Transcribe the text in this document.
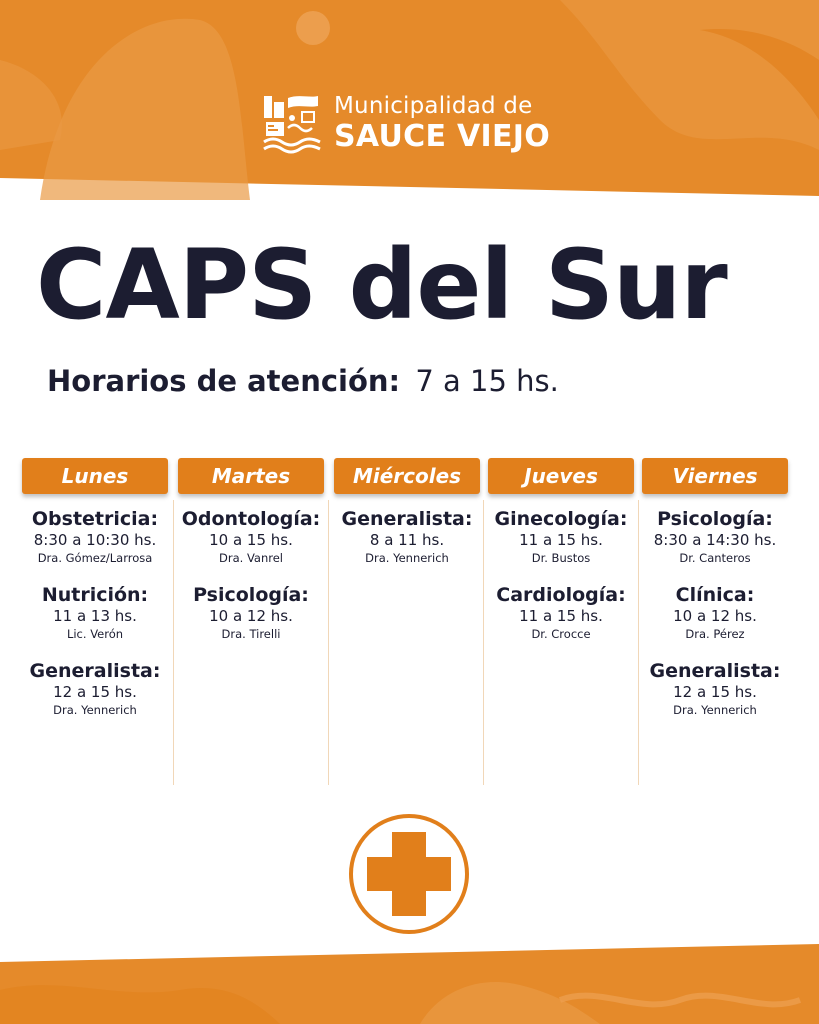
Municipalidad de
SAUCE VIEJO
CAPS del Sur
Horarios de atención: 7 a 15 hs.
Lunes
Obstetricia:
8:30 a 10:30 hs.
Dra. Gómez/Larrosa
Nutrición:
11 a 13 hs.
Lic. Verón
Generalista:
12 a 15 hs.
Dra. Yennerich
Martes
Odontología:
10 a 15 hs.
Dra. Vanrel
Psicología:
10 a 12 hs.
Dra. Tirelli
Miércoles
Generalista:
8 a 11 hs.
Dra. Yennerich
Jueves
Ginecología:
11 a 15 hs.
Dr. Bustos
Cardiología:
11 a 15 hs.
Dr. Crocce
Viernes
Psicología:
8:30 a 14:30 hs.
Dr. Canteros
Clínica:
10 a 12 hs.
Dra. Pérez
Generalista:
12 a 15 hs.
Dra. Yennerich
